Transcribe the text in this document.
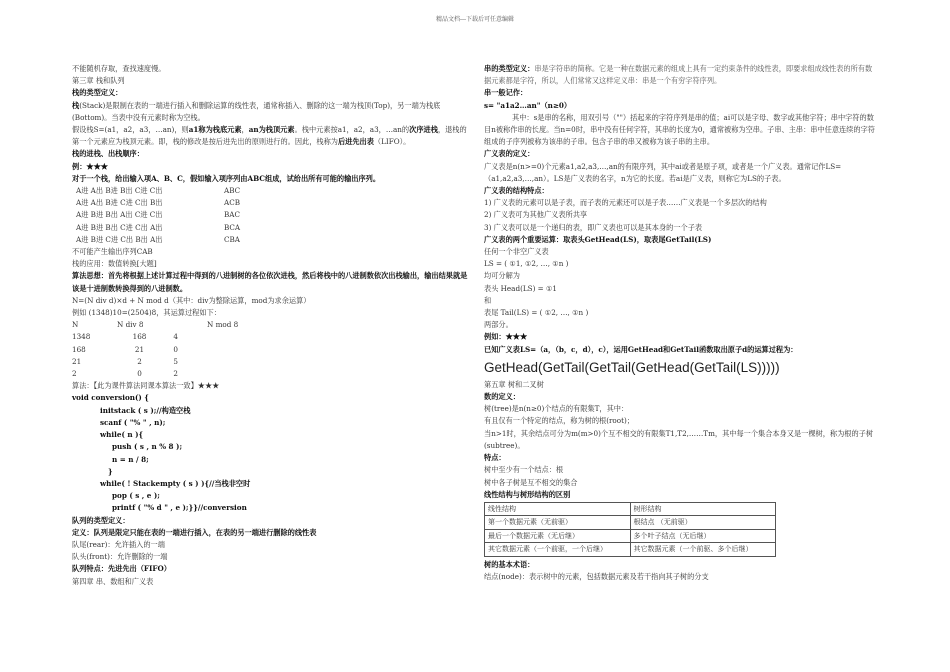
精品文档---下载后可任意编辑

不能随机存取，查找速度慢。

第三章 栈和队列

栈的类型定义：

栈(Stack)是限制在表的一端进行插入和删除运算的线性表，通常称插入、删除的这一端为栈顶(Top)，另一端为栈底(Bottom)。当表中没有元素时称为空栈。

假设栈S=(a1，a2，a3，…an)，则a1称为栈底元素，an为栈顶元素。栈中元素按a1，a2，a3，…an的次序进栈，退栈的第一个元素应为栈顶元素。即，栈的修改是按后进先出的原则进行的。因此，栈称为后进先出表（LIFO）。

栈的进栈、出栈顺序：

例：★★★

对于一个栈，给出输入项A、B、C，假如输入项序列由ABC组成，试给出所有可能的输出序列。

A进 A出 B进 B出 C进 C出	ABC
A进 A出 B进 C进 C出 B出	ACB
A进 B进 B出 A出 C进 C出	BAC
A进 B进 B出 C进 C出 A出	BCA
A进 B进 C进 C出 B出 A出	CBA

不可能产生输出序列CAB

栈的应用：数值转换[大题]

算法思想：首先将根据上述计算过程中得到的八进制树的各位依次进栈，然后将栈中的八进制数依次出栈输出，输出结果就是该是十进制数转换得到的八进制数。

N=(N div d)×d + N mod d（其中：div为整除运算，mod为求余运算）

例如 (1348)10=(2504)8，其运算过程如下：

N	N div 8	N mod 8
1348	168	4
168	21	0
21	2	5
2	0	2

算法：【此为课件算法同课本算法一致】★★★

void conversion() {

initstack ( s );//构造空栈

scanf ( "% " , n);

while( n ){

push ( s , n % 8 );

n = n / 8;

}

while( ! Stackempty ( s ) ){//当栈非空时

pop ( s , e );

printf ( "% d " , e );}}//conversion

队列的类型定义：

定义：队列是限定只能在表的一端进行插入，在表的另一端进行删除的线性表

队尾(rear)：允许插入的一端

队头(front)：允许删除的一端

队列特点：先进先出（FIFO）

第四章 串、数组和广义表

串的类型定义：串是字符串的简称。它是一种在数据元素的组成上具有一定约束条件的线性表，即要求组成线性表的所有数据元素都是字符，所以，人们常常又这样定义串：串是一个有穷字符序列。

串一般记作：

s= "a1a2…an"（n≥0）

其中：s是串的名称，用双引号（""）括起来的字符序列是串的值；ai可以是字母、数字或其他字符；串中字符的数目n被称作串的长度。当n=0时，串中没有任何字符，其串的长度为0，通常被称为空串。子串、主串：串中任意连续的字符组成的子序列被称为该串的子串。包含子串的串又被称为该子串的主串。

广义表的定义：

广义表是n(n>=0)个元素a1,a2,a3,…,an的有限序列，其中ai或者是原子项，或者是一个广义表。通常记作LS=（a1,a2,a3,…,an）。LS是广义表的名字，n为它的长度。若ai是广义表，则称它为LS的子表。

广义表的结构特点：

1) 广义表的元素可以是子表，而子表的元素还可以是子表……广义表是一个多层次的结构

2) 广义表可为其他广义表所共享

3) 广义表可以是一个递归的表，即广义表也可以是其本身的一个子表

广义表的两个重要运算：取表头GetHead(LS)，取表尾GetTail(LS)

任何一个非空广义表

LS = ( ①1, ①2, …, ①n )

均可分解为

表头 Head(LS) = ①1

和

表尾 Tail(LS) = ( ①2, …, ①n )

两部分。

例如：★★★

已知广义表LS=（a，（b，c，d），c），运用GetHead和GetTail函数取出原子d的运算过程为：

GetHead(GetTail(GetTail(GetHead(GetTail(LS)))))

第五章 树和二叉树

数的定义：

树(tree)是n(n≥0)个结点的有限集T，其中：

有且仅有一个特定的结点，称为树的根(root)；

当n>1时，其余结点可分为m(m>0)个互不相交的有限集T1,T2,……Tm，其中每一个集合本身又是一棵树，称为根的子树(subtree)。

特点：

树中至少有一个结点：根

树中各子树是互不相交的集合

线性结构与树形结构的区别

线性结构	树形结构
第一个数据元素（无前驱）	根结点 （无前驱）
最后一个数据元素（无后继）	多个叶子结点（无后继）
其它数据元素（一个前驱，一个后继）	其它数据元素（一个前驱、多个后继）

树的基本术语：

结点(node)：表示树中的元素，包括数据元素及若干指向其子树的分支
